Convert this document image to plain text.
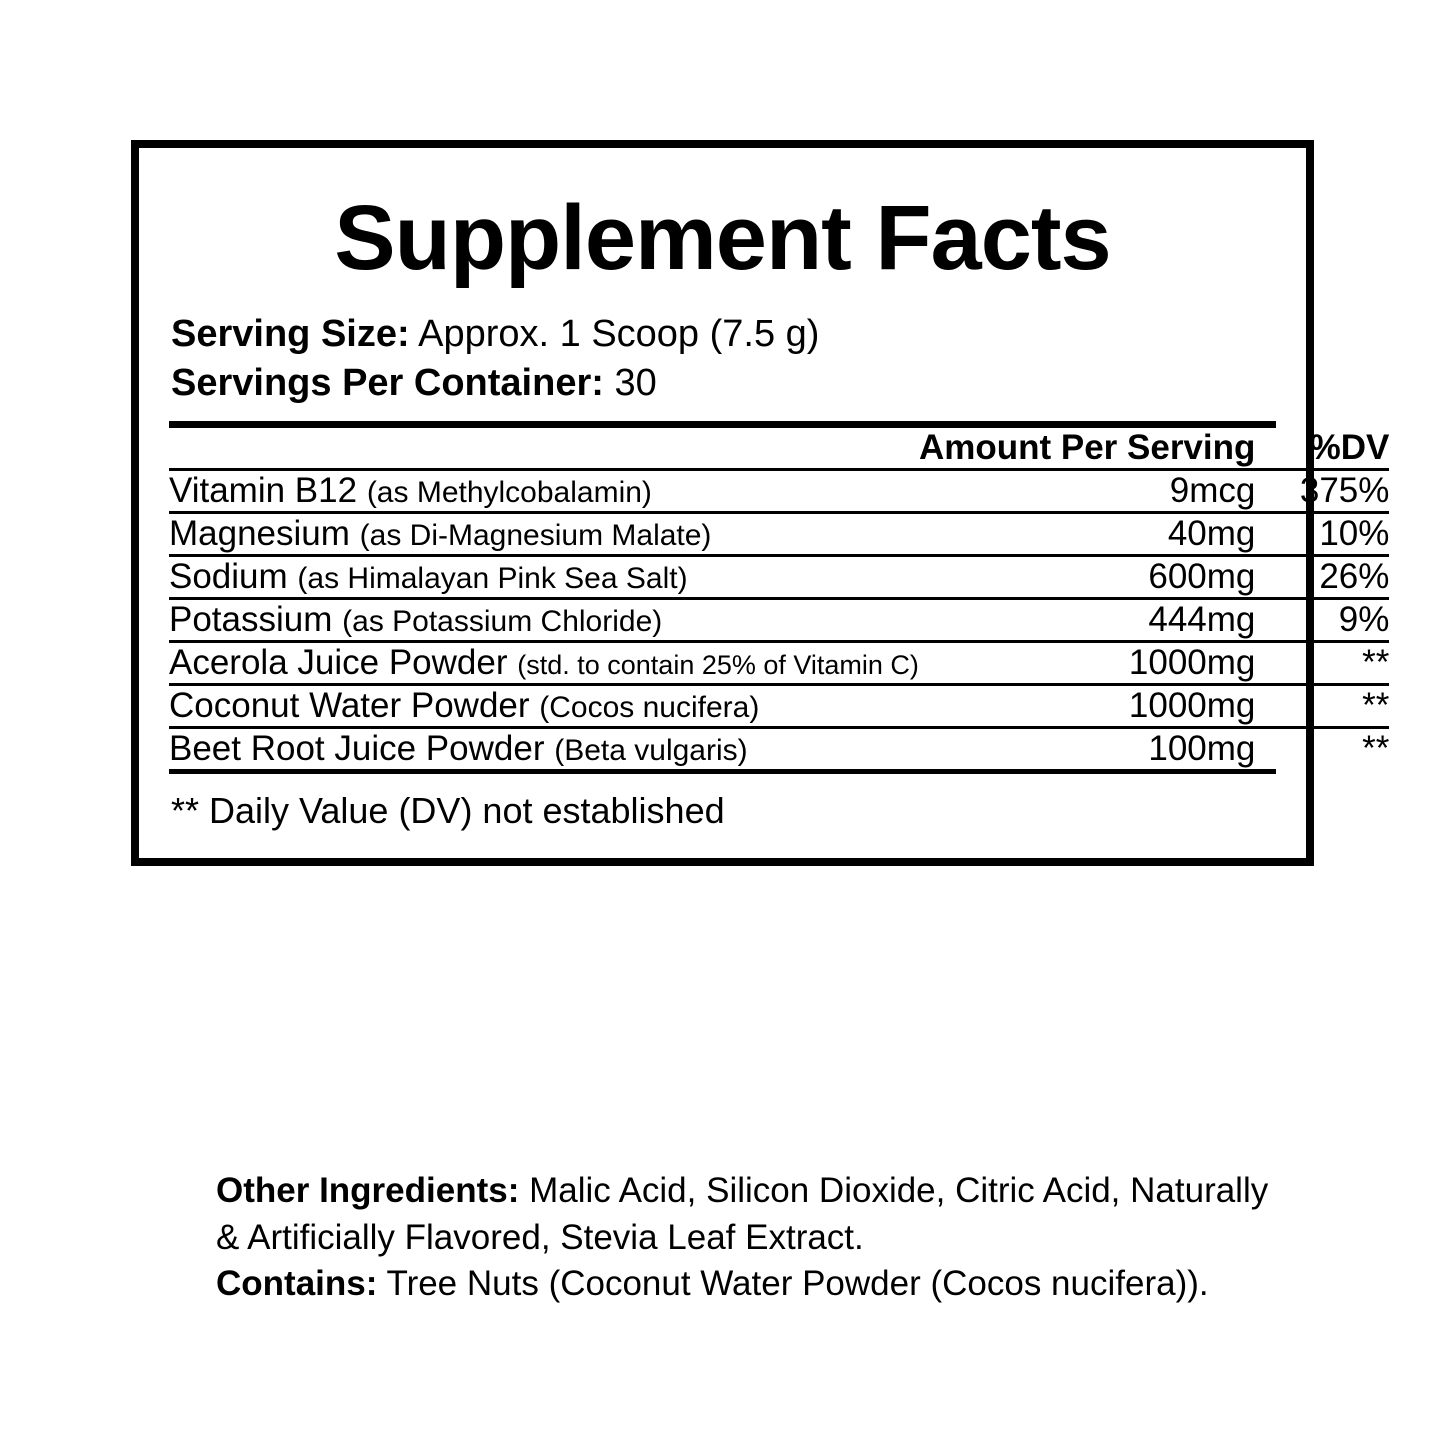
Supplement Facts
Serving Size: Approx. 1 Scoop (7.5 g)
Servings Per Container: 30
	Amount Per Serving	%DV

Vitamin B12 (as Methylcobalamin)	9mcg	375%

Magnesium (as Di-Magnesium Malate)	40mg	10%

Sodium (as Himalayan Pink Sea Salt)	600mg	26%

Potassium (as Potassium Chloride)	444mg	9%

Acerola Juice Powder (std. to contain 25% of Vitamin C)	1000mg	**

Coconut Water Powder (Cocos nucifera)	1000mg	**

Beet Root Juice Powder (Beta vulgaris)	100mg	**
** Daily Value (DV) not established

Other Ingredients: Malic Acid, Silicon Dioxide, Citric Acid, Naturally & Artificially Flavored, Stevia Leaf Extract.

Contains: Tree Nuts (Coconut Water Powder (Cocos nucifera)).
